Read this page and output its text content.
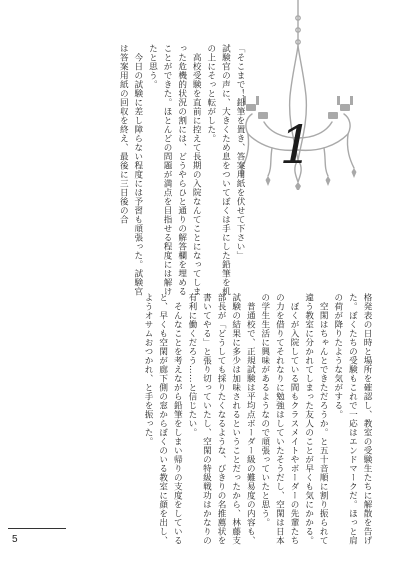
1

「そこまで！鉛筆を置き、答案用紙を伏せて下さい」

試験官の声に、大きくため息をついてぼくは手にした鉛筆を机の上にそっと転がした。

高校受験を直前に控えて長期の入院なんてことになってしまった危機的状況の割には、どうやらひと通りの解答欄を埋めることができた。ほとんどの問題が満点を目指せる程度には解けたと思う。

今日の試験に差し障らない程度には予習も頑張った。試験官は答案用紙の回収を終え、最後に三日後の合

格発表の日時と場所を確認し、教室の受験生たちに解散を告げた。ぼくたちの受験もこれで一応はエンドマークだ。ほっと肩の荷が降りたような気がする。

空閑はちゃんとできただろうか。と五十音順に割り振られて違う教室に分かれてしまった友人のことが早くも気にかかる。

ぼくが入院している間もクラスメイトやボーダーの先輩たちの力を借りてそれなりに勉強はしていたそうだし、空閑は日本の学生生活に興味があるようなので頑張っていたと思う。

普通校で、正規試験は平均点ボーダー級の難易度の内容も、試験の結果に多少は加味されるということだったから、林藤支部長が「どうしても採りたくなるような、びきりの名推薦状を書いてやる」と張り切っていたし、空閑の特級戦功はかなりの有利に働くだろう……と信じたい。

そんなことを考えながら鉛筆をしまい帰りの支度をしていると、早くも空閑が廊下側の窓からぼくのいる教室に顔を出し、ようオサムおつかれ、と手を振った。

5
